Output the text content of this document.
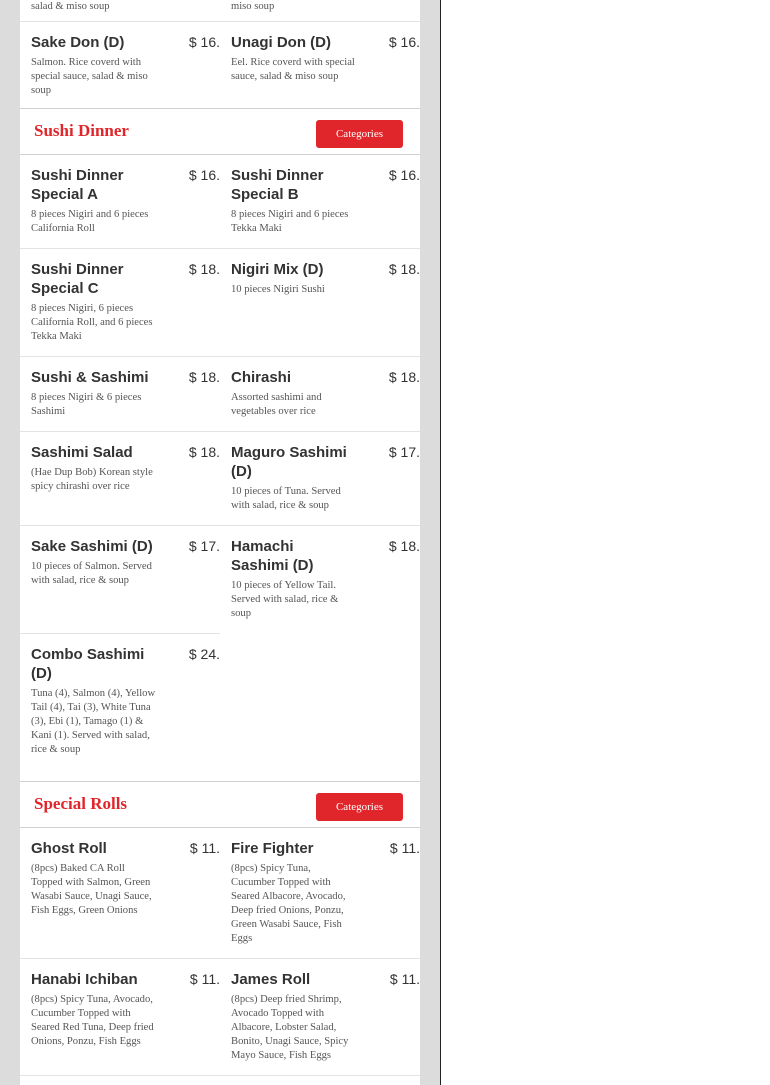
salad & miso soup	miso soup
Sake Don (D)	$ 16.
Salmon. Rice coverd with special sauce, salad & miso soup
Unagi Don (D)	$ 16.
Eel. Rice coverd with special sauce, salad & miso soup
Sushi Dinner	Categories
Sushi Dinner Special A
$ 16.
8 pieces Nigiri and 6 pieces California Roll
Sushi Dinner Special B
$ 16.
8 pieces Nigiri and 6 pieces Tekka Maki
Sushi Dinner Special C
$ 18.
8 pieces Nigiri, 6 pieces California Roll, and 6 pieces Tekka Maki
Nigiri Mix (D)	$ 18.
10 pieces Nigiri Sushi
Sushi & Sashimi	$ 18.
8 pieces Nigiri & 6 pieces Sashimi
Chirashi	$ 18.
Assorted sashimi and vegetables over rice
Sashimi Salad	$ 18.
(Hae Dup Bob) Korean style spicy chirashi over rice
Maguro Sashimi (D)
$ 17.
10 pieces of Tuna. Served with salad, rice & soup
Sake Sashimi (D)	$ 17.
10 pieces of Salmon. Served with salad, rice & soup
Hamachi Sashimi (D)
$ 18.
10 pieces of Yellow Tail. Served with salad, rice & soup
Combo Sashimi (D)
$ 24.
Tuna (4), Salmon (4), Yellow Tail (4), Tai (3), White Tuna (3), Ebi (1), Tamago (1) & Kani (1). Served with salad, rice & soup
Special Rolls	Categories
Ghost Roll	$ 11.
(8pcs) Baked CA Roll Topped with Salmon, Green Wasabi Sauce, Unagi Sauce, Fish Eggs, Green Onions
Fire Fighter	$ 11.
(8pcs) Spicy Tuna, Cucumber Topped with Seared Albacore, Avocado, Deep fried Onions, Ponzu, Green Wasabi Sauce, Fish Eggs
Hanabi Ichiban	$ 11.
(8pcs) Spicy Tuna, Avocado, Cucumber Topped with Seared Red Tuna, Deep fried Onions, Ponzu, Fish Eggs
James Roll	$ 11.
(8pcs) Deep fried Shrimp, Avocado Topped with Albacore, Lobster Salad, Bonito, Unagi Sauce, Spicy Mayo Sauce, Fish Eggs
